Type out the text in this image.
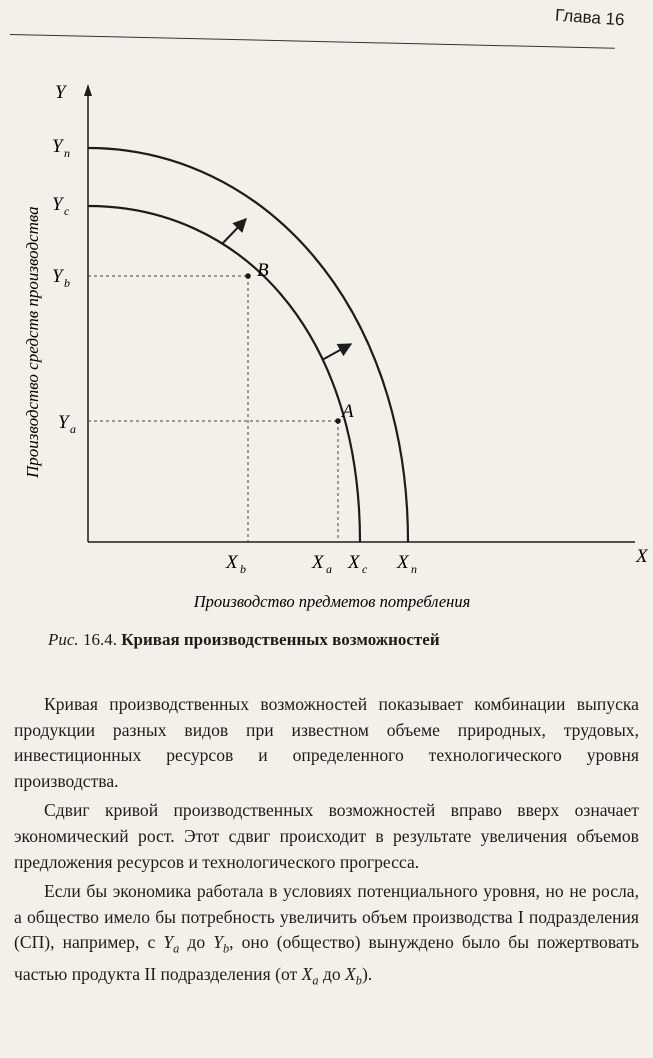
Глава 16
Y
X
Производство средств производства
Производство предметов потребления
B
A
Y n
Y c
Y b
Y a
X b	X a X c X n
Рис. 16.4. Кривая производственных возможностей

Кривая производственных возможностей показывает комбинации выпуска продукции разных видов при известном объеме природных, трудовых, инвестиционных ресурсов и определенного технологического уровня производства.

Сдвиг кривой производственных возможностей вправо вверх означает экономический рост. Этот сдвиг происходит в результате увеличения объемов предложения ресурсов и технологического прогресса.

Если бы экономика работала в условиях потенциального уровня, но не росла, а общество имело бы потребность увеличить объем производства I подразделения (СП), например, с $Y_a$ до $Y_b$, оно (общество) вынуждено было бы пожертвовать частью продукта II подразделения (от $X_a$ до $X_b$).
